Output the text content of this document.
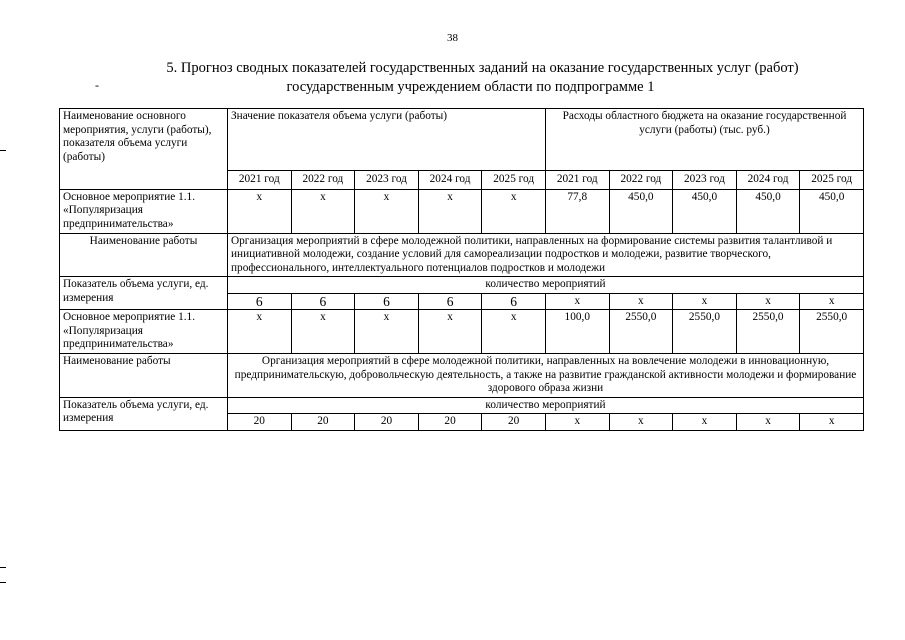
38
5. Прогноз сводных показателей государственных заданий на оказание государственных услуг (работ)
государственным учреждением области по подпрограмме 1
-
Наименование основного мероприятия, услуги (работы), показателя объема услуги (работы)	Значение показателя объема услуги (работы)					Расходы областного бюджета на оказание государственной услуги (работы) (тыс. руб.)				
	2021 год	2022 год	2023 год	2024 год	2025 год	2021 год	2022 год	2023 год	2024 год	2025 год
Основное мероприятие 1.1. «Популяризация предпринимательства»	х	х	х	х	х	77,8	450,0	450,0	450,0	450,0
Наименование работы	Организация мероприятий в сфере молодежной политики, направленных на формирование системы развития талантливой и инициативной молодежи, создание условий для самореализации подростков и молодежи, развитие творческого, профессионального, интеллектуального потенциалов подростков и молодежи									
Показатель объема услуги, ед. измерения	количество мероприятий									
	6	6	6	6	6	х	х	х	х	х
Основное мероприятие 1.1. «Популяризация предпринимательства»	х	х	х	х	х	100,0	2550,0	2550,0	2550,0	2550,0
Наименование работы	Организация мероприятий в сфере молодежной политики, направленных на вовлечение молодежи в инновационную, предпринимательскую, добровольческую деятельность, а также на развитие гражданской активности молодежи и формирование здорового образа жизни									
Показатель объема услуги, ед. измерения	количество мероприятий									
	20	20	20	20	20	х	х	х	х	х
